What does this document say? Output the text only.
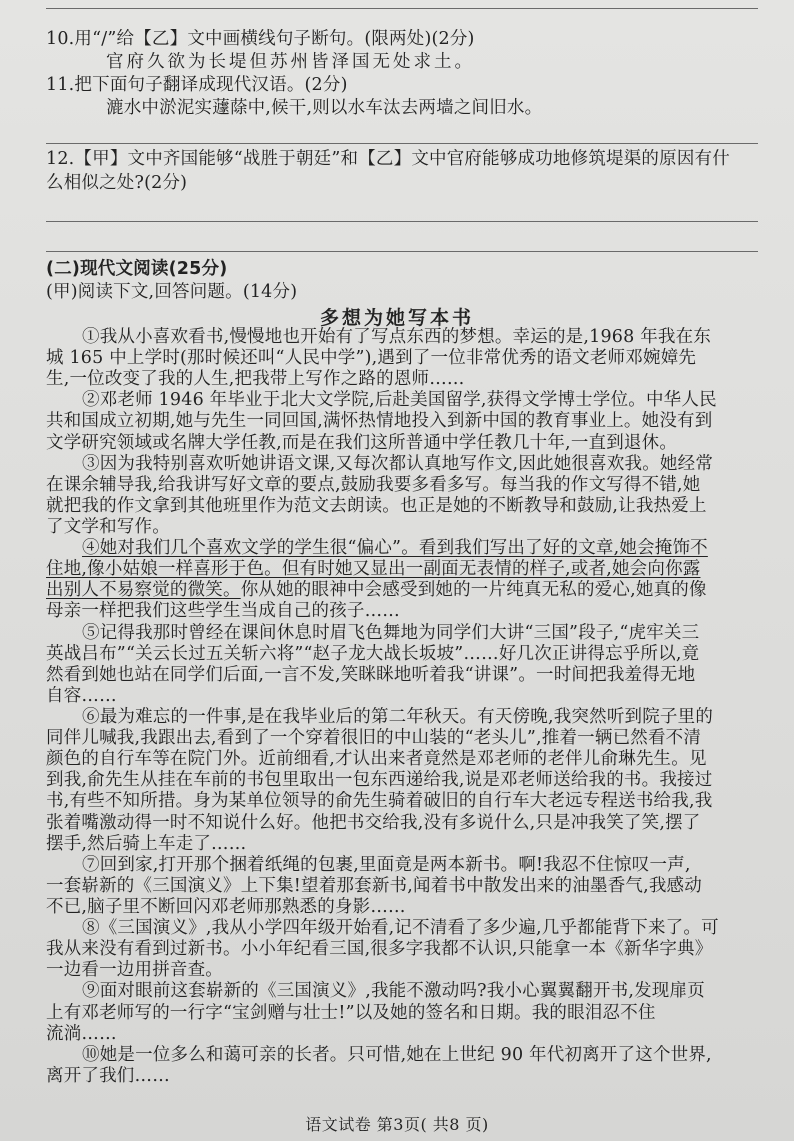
10.用“/”给【乙】文中画横线句子断句。(限两处)(2分)
官府久欲为长堤但苏州皆泽国无处求土。
11.把下面句子翻译成现代汉语。(2分)
漉水中淤泥实蘧蒢中,候干,则以水车汰去两墙之间旧水。
12.【甲】文中齐国能够“战胜于朝廷”和【乙】文中官府能够成功地修筑堤渠的原因有什
么相似之处?(2分)
(二)现代文阅读(25分)
(甲)阅读下文,回答问题。(14分)
多想为她写本书
①我从小喜欢看书,慢慢地也开始有了写点东西的梦想。幸运的是,1968 年我在东
城 165 中上学时(那时候还叫“人民中学”),遇到了一位非常优秀的语文老师邓婉嫜先
生,一位改变了我的人生,把我带上写作之路的恩师……
②邓老师 1946 年毕业于北大文学院,后赴美国留学,获得文学博士学位。中华人民
共和国成立初期,她与先生一同回国,满怀热情地投入到新中国的教育事业上。她没有到
文学研究领域或名牌大学任教,而是在我们这所普通中学任教几十年,一直到退休。
③因为我特别喜欢听她讲语文课,又每次都认真地写作文,因此她很喜欢我。她经常
在课余辅导我,给我讲写好文章的要点,鼓励我要多看多写。每当我的作文写得不错,她
就把我的作文拿到其他班里作为范文去朗读。也正是她的不断教导和鼓励,让我热爱上
了文学和写作。
④她对我们几个喜欢文学的学生很“偏心”。看到我们写出了好的文章,她会掩饰不
住地,像小姑娘一样喜形于色。但有时她又显出一副面无表情的样子,或者,她会向你露
出别人不易察觉的微笑。你从她的眼神中会感受到她的一片纯真无私的爱心,她真的像
母亲一样把我们这些学生当成自己的孩子……
⑤记得我那时曾经在课间休息时眉飞色舞地为同学们大讲“三国”段子,“虎牢关三
英战吕布”“关云长过五关斩六将”“赵子龙大战长坂坡”……好几次正讲得忘乎所以,竟
然看到她也站在同学们后面,一言不发,笑眯眯地听着我“讲课”。一时间把我羞得无地
自容……
⑥最为难忘的一件事,是在我毕业后的第二年秋天。有天傍晚,我突然听到院子里的
同伴儿喊我,我跟出去,看到了一个穿着很旧的中山装的“老头儿”,推着一辆已然看不清
颜色的自行车等在院门外。近前细看,才认出来者竟然是邓老师的老伴儿俞琳先生。见
到我,俞先生从挂在车前的书包里取出一包东西递给我,说是邓老师送给我的书。我接过
书,有些不知所措。身为某单位领导的俞先生骑着破旧的自行车大老远专程送书给我,我
张着嘴激动得一时不知说什么好。他把书交给我,没有多说什么,只是冲我笑了笑,摆了
摆手,然后骑上车走了……
⑦回到家,打开那个捆着纸绳的包裹,里面竟是两本新书。啊!我忍不住惊叹一声,
一套崭新的《三国演义》上下集!望着那套新书,闻着书中散发出来的油墨香气,我感动
不已,脑子里不断回闪邓老师那熟悉的身影……
⑧《三国演义》,我从小学四年级开始看,记不清看了多少遍,几乎都能背下来了。可
我从来没有看到过新书。小小年纪看三国,很多字我都不认识,只能拿一本《新华字典》
一边看一边用拼音查。
⑨面对眼前这套崭新的《三国演义》,我能不激动吗?我小心翼翼翻开书,发现扉页
上有邓老师写的一行字“宝剑赠与壮士!”以及她的签名和日期。我的眼泪忍不住
流淌……
语文试卷 第3页( 共8 页)
⑩她是一位多么和蔼可亲的长者。只可惜,她在上世纪 90 年代初离开了这个世界,
离开了我们……
